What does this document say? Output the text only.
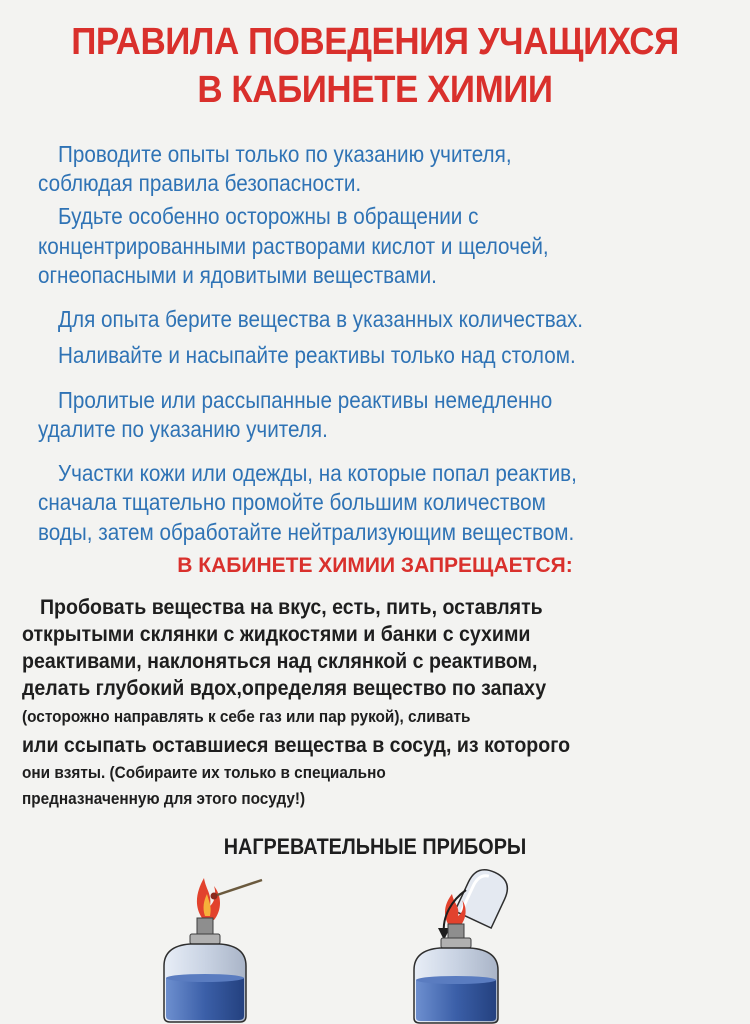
ПРАВИЛА ПОВЕДЕНИЯ УЧАЩИХСЯ
В КАБИНЕТЕ ХИМИИ
Проводите опыты только по указанию учителя,
соблюдая правила безопасности.
Будьте особенно осторожны в обращении с
концентрированными растворами кислот и щелочей,
огнеопасными и ядовитыми веществами.
Для опыта берите вещества в указанных количествах.
Наливайте и насыпайте реактивы только над столом.
Пролитые или рассыпанные реактивы немедленно
удалите по указанию учителя.
Участки кожи или одежды, на которые попал реактив,
сначала тщательно промойте большим количеством
воды, затем обработайте нейтрализующим веществом.
В КАБИНЕТЕ ХИМИИ ЗАПРЕЩАЕТСЯ:
Пробовать вещества на вкус, есть, пить, оставлять
открытыми склянки с жидкостями и банки с сухими
реактивами, наклоняться над склянкой с реактивом,
делать глубокий вдох,определяя вещество по запаху
(осторожно направлять к себе газ или пар рукой), сливать
или ссыпать оставшиеся вещества в сосуд, из которого
они взяты. (Собираите их только в специально
предназначенную для этого посуду!)
НАГРЕВАТЕЛЬНЫЕ ПРИБОРЫ
